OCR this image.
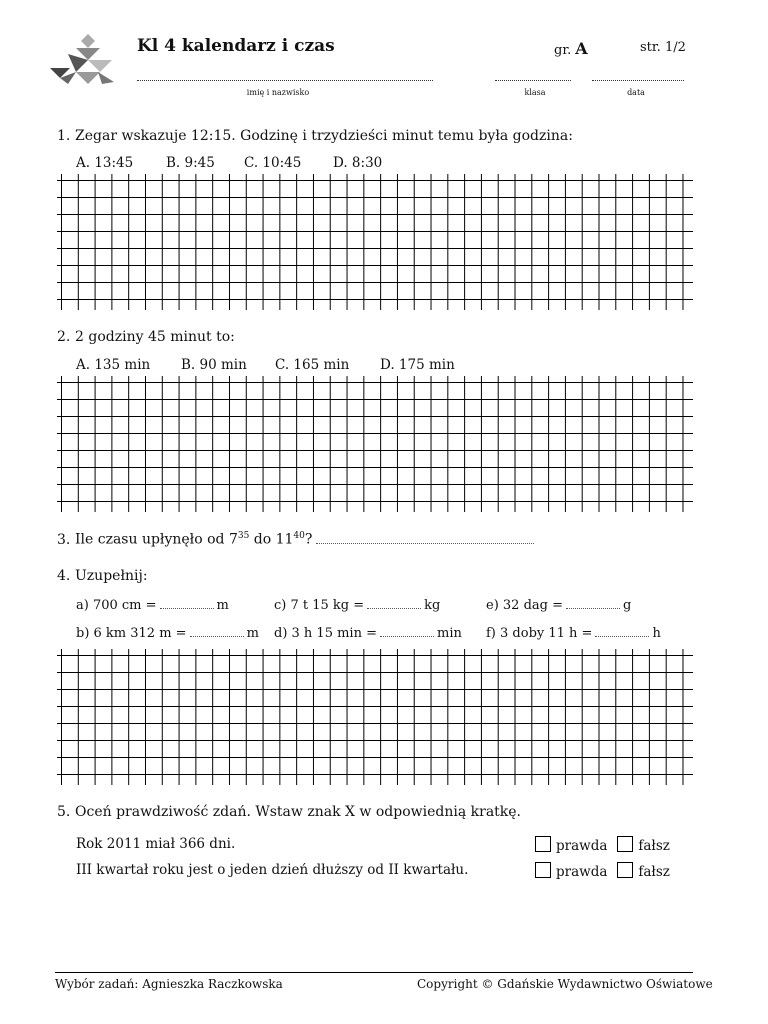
Kl 4 kalendarz i czas	gr. A	str. 1/2
imię i nazwisko	klasa	data
1. Zegar wskazuje 12:15. Godzinę i trzydzieści minut temu była godzina:
A. 13:45 B. 9:45 C. 10:45 D. 8:30
2. 2 godziny 45 minut to:
A. 135 min B. 90 min C. 165 min D. 175 min
3. Ile czasu upłynęło od $7^{35}$ do $11^{40}$?
4. Uzupełnij:
a) 700 cm =	m	c) 7 t 15 kg =	kg	e) 32 dag =	g
b) 6 km 312 m =	m d) 3 h 15 min =	min f) 3 doby 11 h =	h
5. Oceń prawdziwość zdań. Wstaw znak X w odpowiednią kratkę.
Rok 2011 miał 366 dni.	prawda fałsz
III kwartał roku jest o jeden dzień dłuższy od II kwartału.	prawda fałsz
Wybór zadań: Agnieszka Raczkowska	Copyright © Gdańskie Wydawnictwo Oświatowe
